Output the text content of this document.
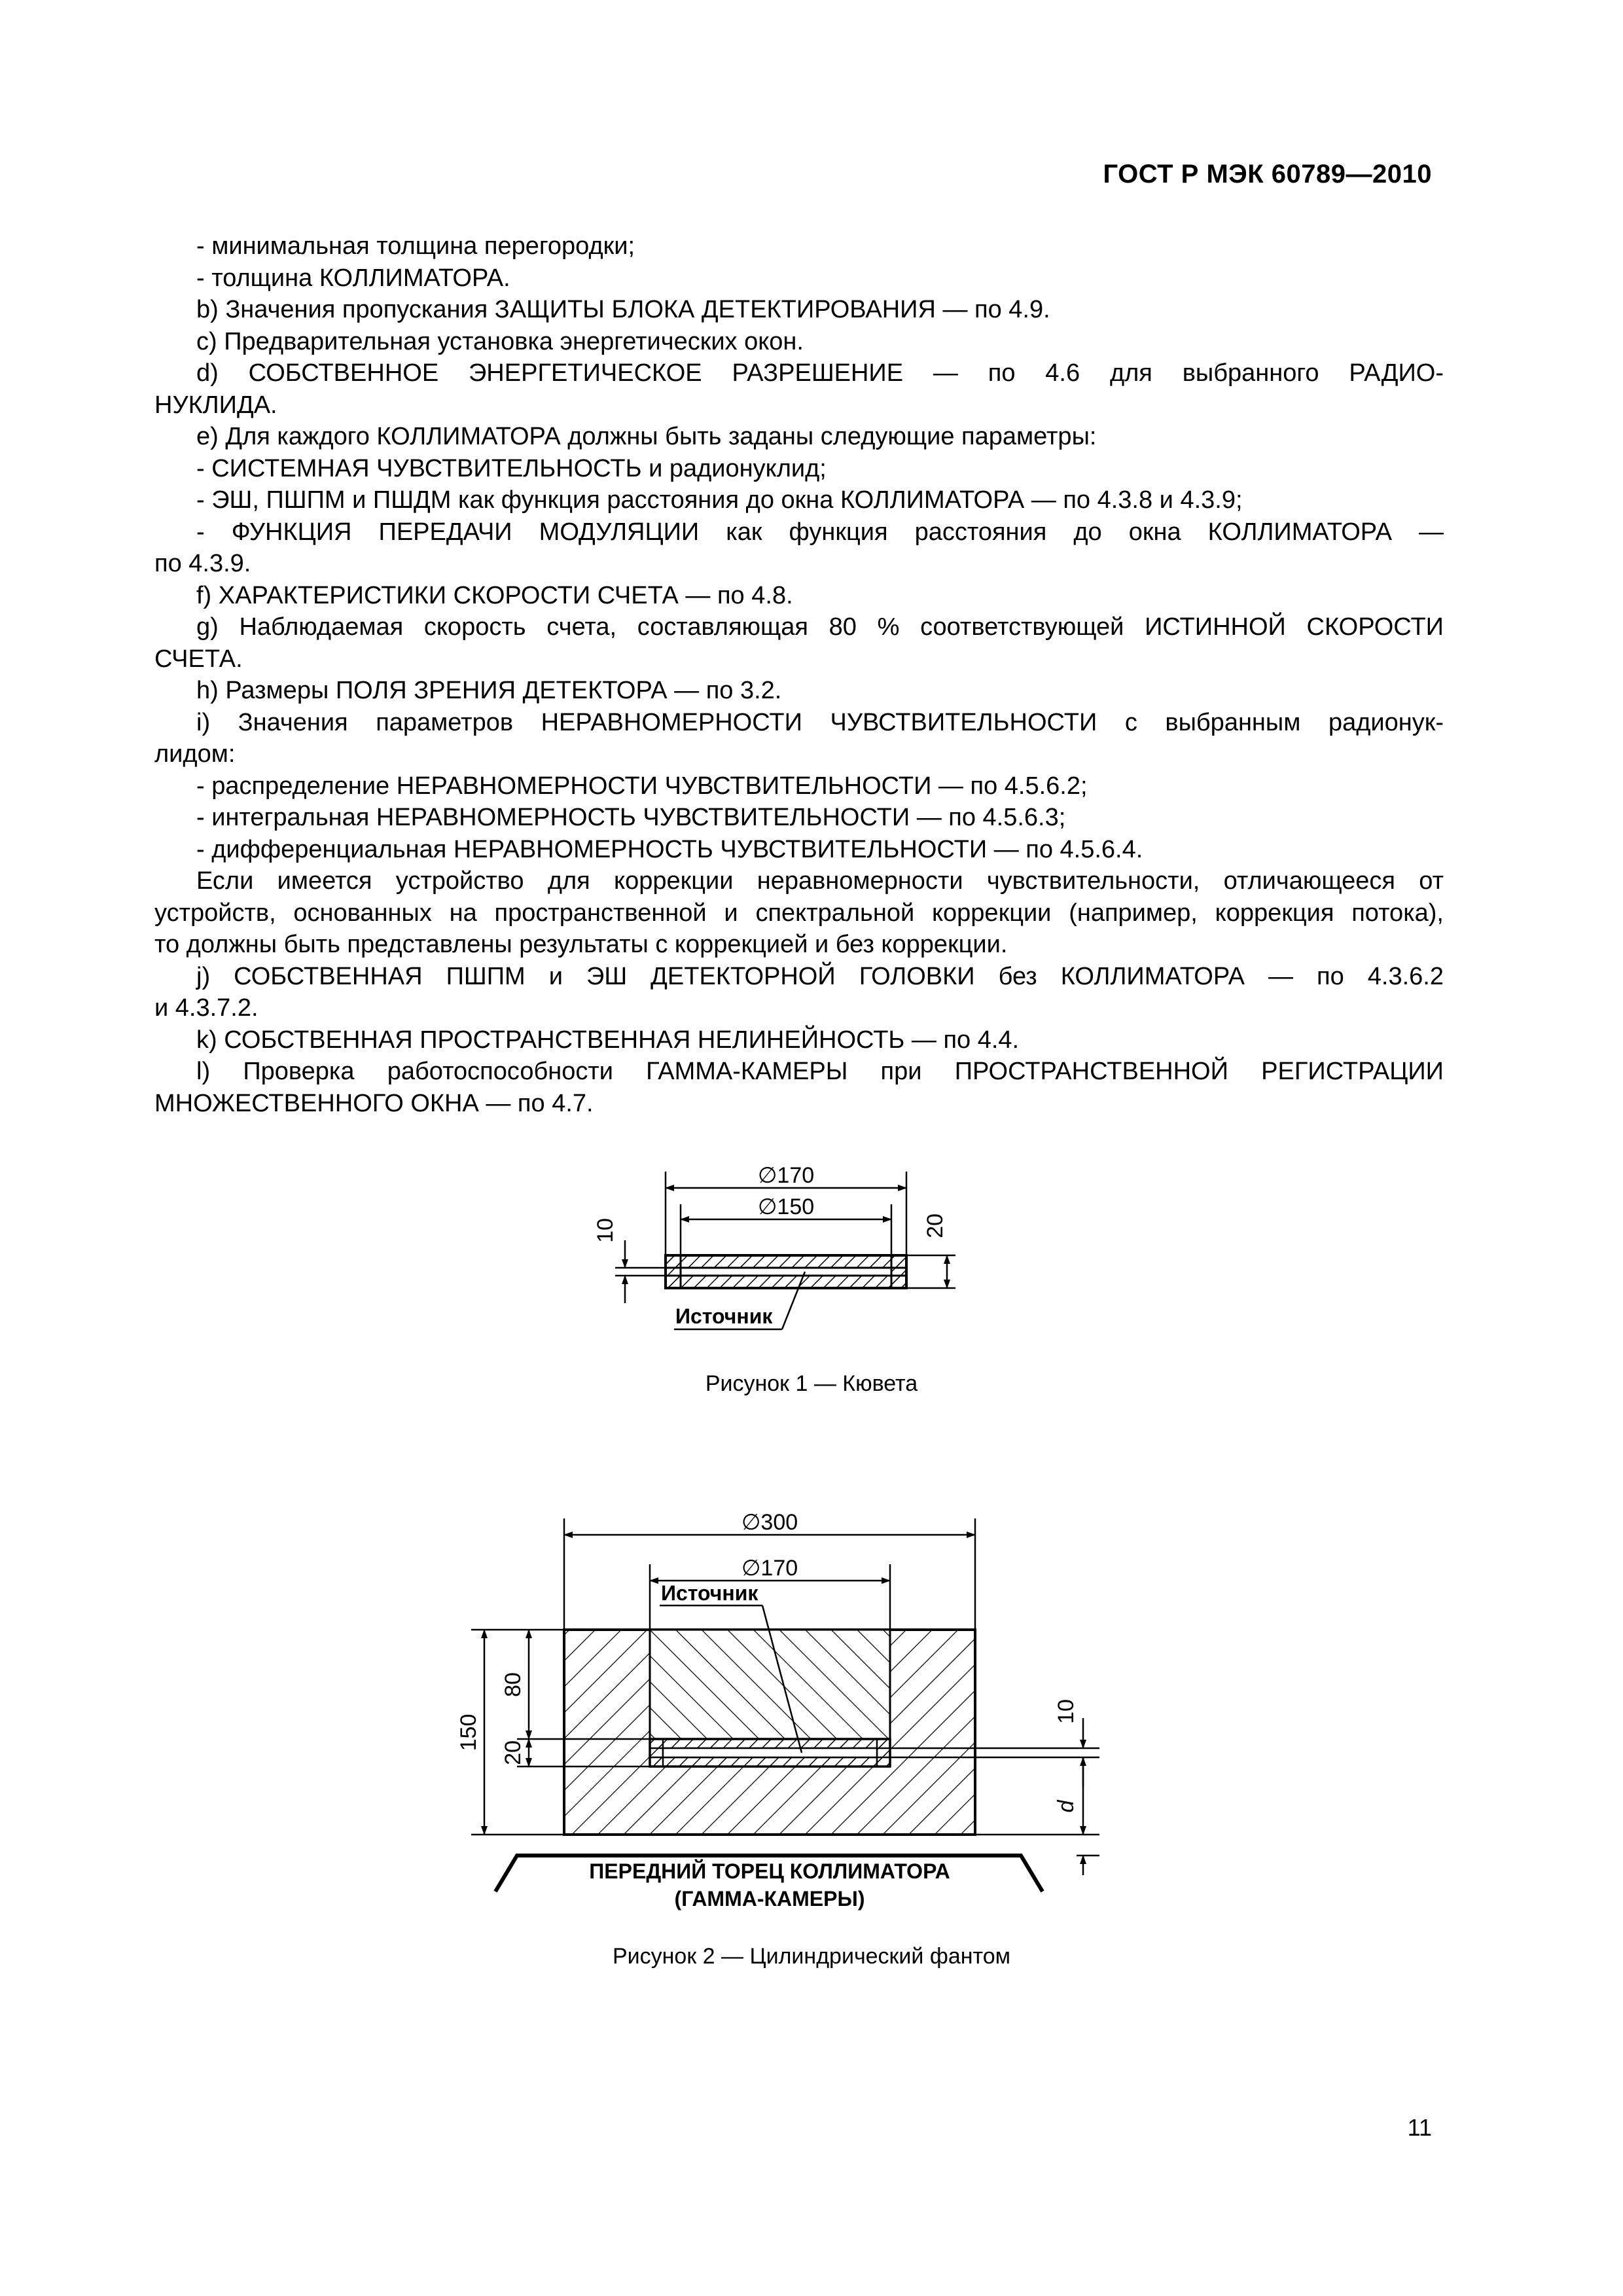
ГОСТ Р МЭК 60789—2010

- минимальная толщина перегородки;

- толщина КОЛЛИМАТОРА.

b) Значения пропускания ЗАЩИТЫ БЛОКА ДЕТЕКТИРОВАНИЯ — по 4.9.

c) Предварительная установка энергетических окон.

d) СОБСТВЕННОЕ ЭНЕРГЕТИЧЕСКОЕ РАЗРЕШЕНИЕ — по 4.6 для выбранного РАДИО-

НУКЛИДА.

e) Для каждого КОЛЛИМАТОРА должны быть заданы следующие параметры:

- СИСТЕМНАЯ ЧУВСТВИТЕЛЬНОСТЬ и радионуклид;

- ЭШ, ПШПМ и ПШДМ как функция расстояния до окна КОЛЛИМАТОРА — по 4.3.8 и 4.3.9;

- ФУНКЦИЯ ПЕРЕДАЧИ МОДУЛЯЦИИ как функция расстояния до окна КОЛЛИМАТОРА —

по 4.3.9.

f) ХАРАКТЕРИСТИКИ СКОРОСТИ СЧЕТА — по 4.8.

g) Наблюдаемая скорость счета, составляющая 80 % соответствующей ИСТИННОЙ СКОРОСТИ

СЧЕТА.

h) Размеры ПОЛЯ ЗРЕНИЯ ДЕТЕКТОРА — по 3.2.

i) Значения параметров НЕРАВНОМЕРНОСТИ ЧУВСТВИТЕЛЬНОСТИ с выбранным радионук-

лидом:

- распределение НЕРАВНОМЕРНОСТИ ЧУВСТВИТЕЛЬНОСТИ — по 4.5.6.2;

- интегральная НЕРАВНОМЕРНОСТЬ ЧУВСТВИТЕЛЬНОСТИ — по 4.5.6.3;

- дифференциальная НЕРАВНОМЕРНОСТЬ ЧУВСТВИТЕЛЬНОСТИ — по 4.5.6.4.

Если имеется устройство для коррекции неравномерности чувствительности, отличающееся от

устройств, основанных на пространственной и спектральной коррекции (например, коррекция потока),

то должны быть представлены результаты с коррекцией и без коррекции.

j) СОБСТВЕННАЯ ПШПМ и ЭШ ДЕТЕКТОРНОЙ ГОЛОВКИ без КОЛЛИМАТОРА — по 4.3.6.2

и 4.3.7.2.

k) СОБСТВЕННАЯ ПРОСТРАНСТВЕННАЯ НЕЛИНЕЙНОСТЬ — по 4.4.

l) Проверка работоспособности ГАММА-КАМЕРЫ при ПРОСТРАНСТВЕННОЙ РЕГИСТРАЦИИ

МНОЖЕСТВЕННОГО ОКНА — по 4.7.

∅170
∅150
20
10
Источник
Рисунок 1 — Кювета
∅300
∅170
Источник
150
80
20
10
d
ПЕРЕДНИЙ ТОРЕЦ КОЛЛИМАТОРА
(ГАММА-КАМЕРЫ)
Рисунок 2 — Цилиндрический фантом
11
